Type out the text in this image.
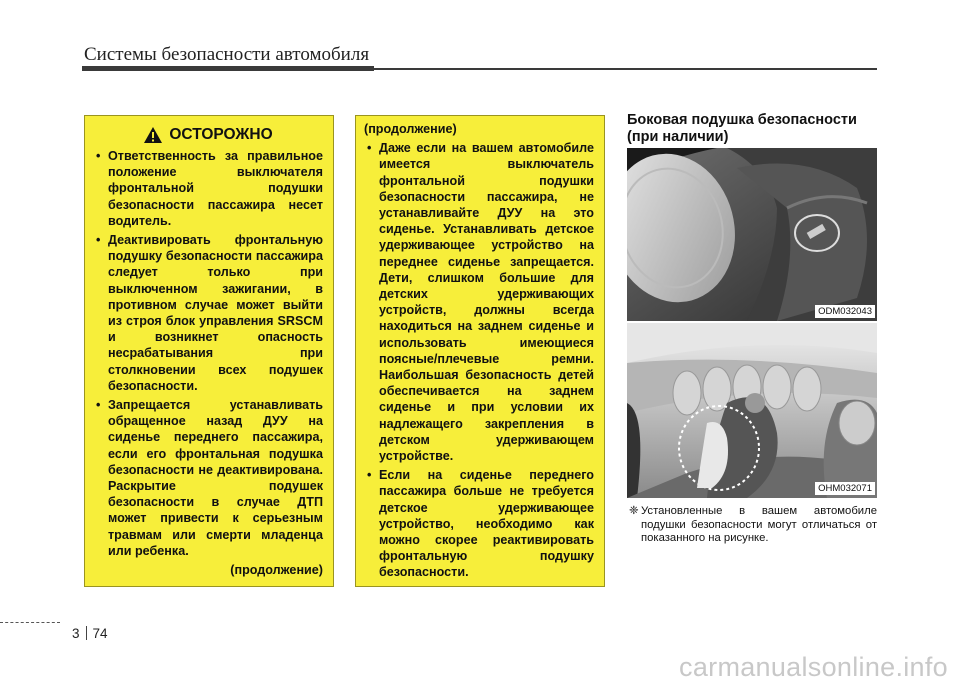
Системы безопасности автомобиля
ОСТОРОЖНО
• Ответственность за правильное положение выключателя фронтальной подушки безопасности пассажира несет водитель.
• Деактивировать фронтальную подушку безопасности пассажира следует только при выключенном зажигании, в противном случае может выйти из строя блок управления SRSCM и возникнет опасность несрабатывания при столкновении всех подушек безопасности.
• Запрещается устанавливать обращенное назад ДУУ на сиденье переднего пассажира, если его фронтальная подушка безопасности не деактивирована. Раскрытие подушек безопасности в случае ДТП может привести к серьезным травмам или смерти младенца или ребенка.
(продолжение)
(продолжение)
• Даже если на вашем автомобиле имеется выключатель фронтальной подушки безопасности пассажира, не устанавливайте ДУУ на это сиденье. Устанавливать детское удерживающее устройство на переднее сиденье запрещается. Дети, слишком большие для детских удерживающих устройств, должны всегда находиться на заднем сиденье и использовать имеющиеся поясные/плечевые ремни. Наибольшая безопасность детей обеспечивается на заднем сиденье и при условии их надлежащего закрепления в детском удерживающем устройстве.
• Если на сиденье переднего пассажира больше не требуется детское удерживающее устройство, необходимо как можно скорее реактивировать фронтальную подушку безопасности.
Боковая подушка безопасности (при наличии)
ODM032043
OHM032071
❈ Установленные в вашем автомобиле подушки безопасности могут отличаться от показанного на рисунке.
3 74
carmanualsonline.info
